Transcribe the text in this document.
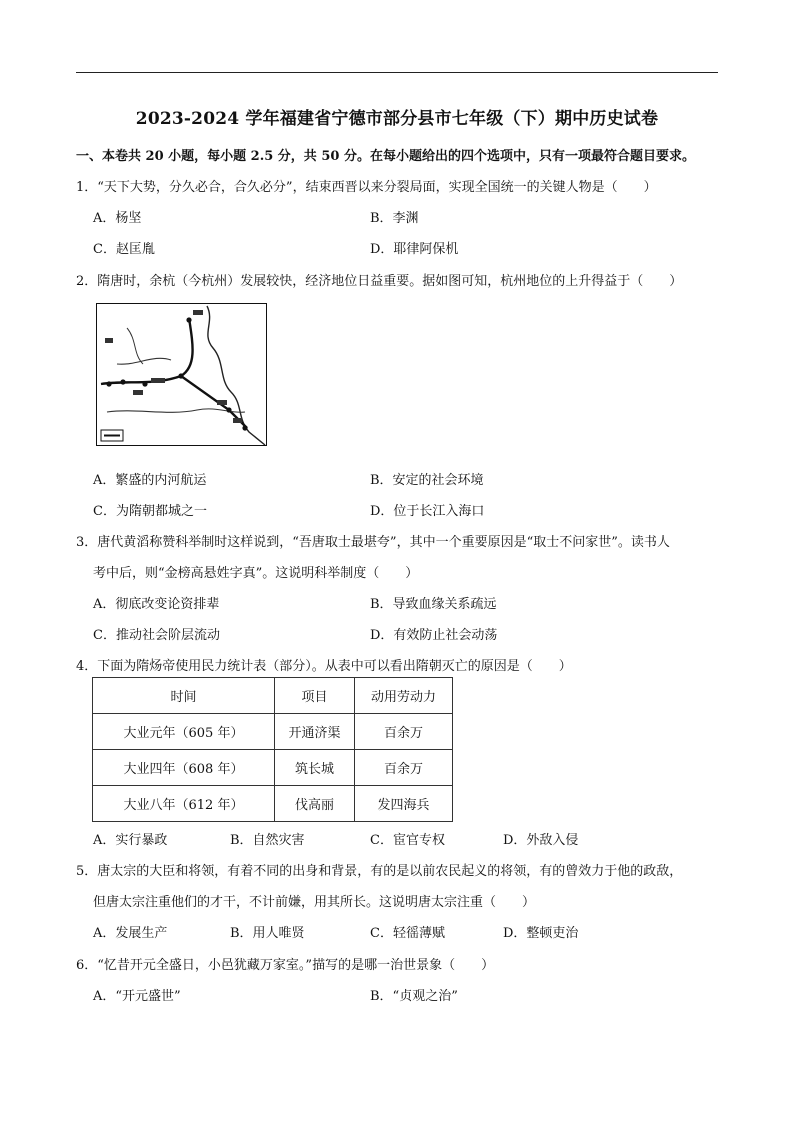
2023-2024 学年福建省宁德市部分县市七年级（下）期中历史试卷
一、本卷共 20 小题，每小题 2.5 分，共 50 分。在每小题给出的四个选项中，只有一项最符合题目要求。
1．“天下大势，分久必合，合久必分”，结束西晋以来分裂局面，实现全国统一的关键人物是（　　）
A．杨坚	B．李渊
C．赵匡胤	D．耶律阿保机
2．隋唐时，余杭（今杭州）发展较快，经济地位日益重要。据如图可知，杭州地位的上升得益于（　　）
A．繁盛的内河航运	B．安定的社会环境
C．为隋朝都城之一	D．位于长江入海口
3．唐代黄滔称赞科举制时这样说到，“吾唐取士最堪夸”，其中一个重要原因是“取士不问家世”。读书人
考中后，则“金榜高悬姓字真”。这说明科举制度（　　）
A．彻底改变论资排辈	B．导致血缘关系疏远
C．推动社会阶层流动	D．有效防止社会动荡
4．下面为隋炀帝使用民力统计表（部分）。从表中可以看出隋朝灭亡的原因是（　　）
时间	项目	动用劳动力
大业元年（605 年）	开通济渠	百余万
大业四年（608 年）	筑长城	百余万
大业八年（612 年）	伐高丽	发四海兵
A．实行暴政	B．自然灾害	C．宦官专权	D．外敌入侵
5．唐太宗的大臣和将领，有着不同的出身和背景，有的是以前农民起义的将领，有的曾效力于他的政敌，
但唐太宗注重他们的才干，不计前嫌，用其所长。这说明唐太宗注重（　　）
A．发展生产	B．用人唯贤	C．轻徭薄赋	D．整顿吏治
6．“忆昔开元全盛日，小邑犹藏万家室。”描写的是哪一治世景象（　　）
A．“开元盛世”	B．“贞观之治”
